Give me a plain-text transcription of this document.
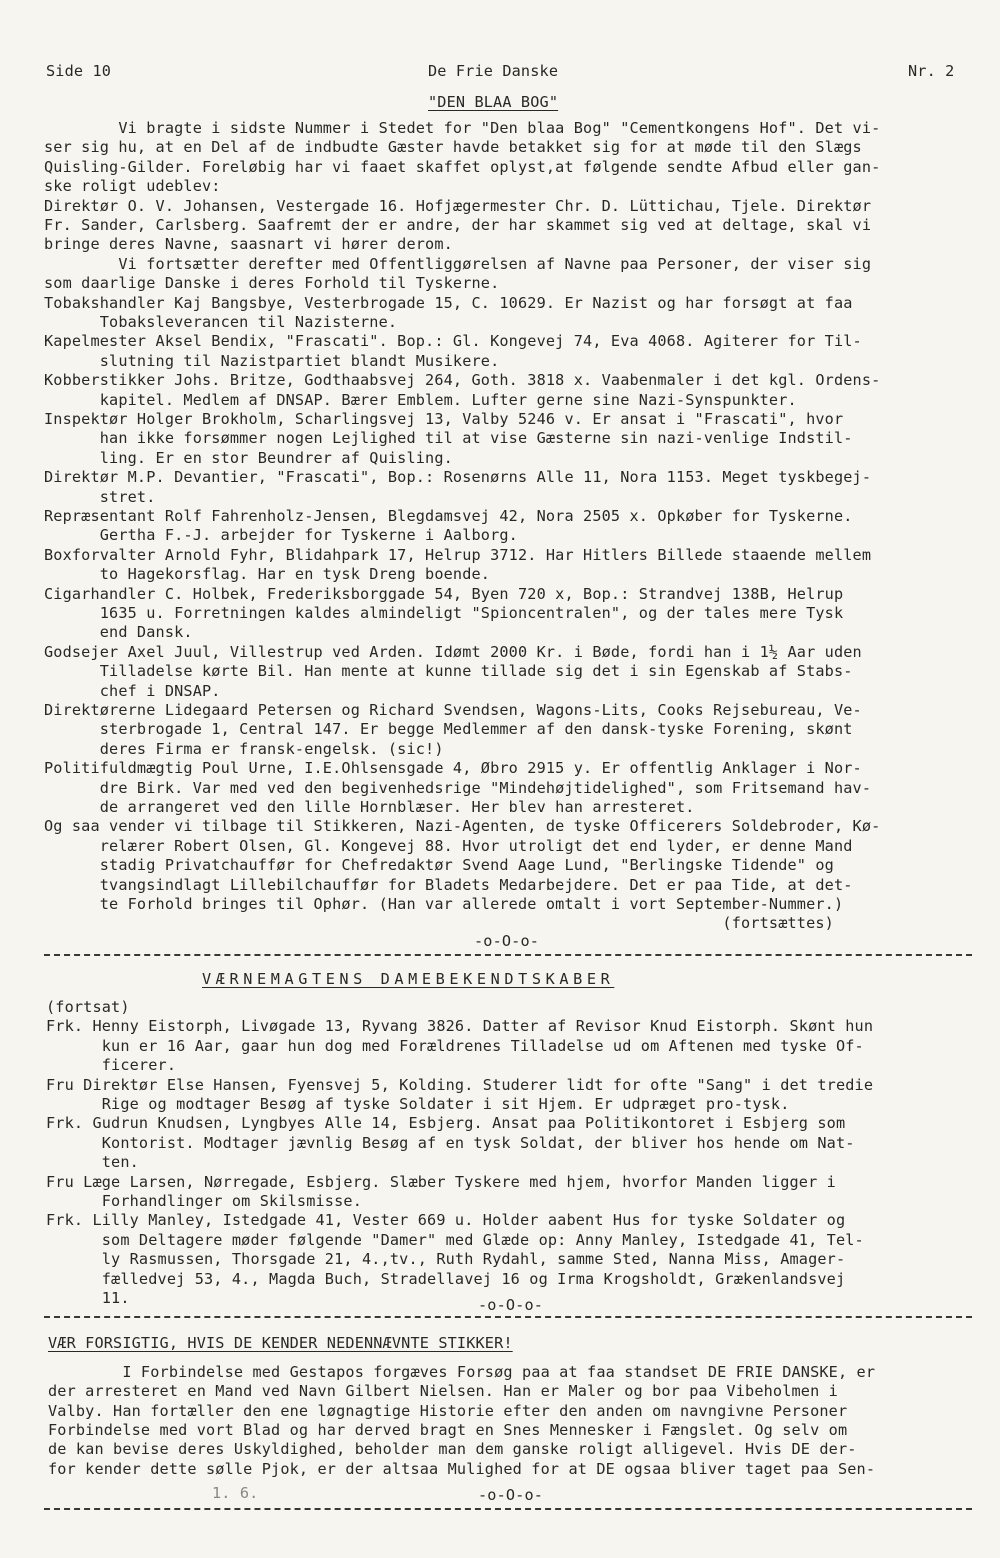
Side 10	De Frie Danske	Nr. 2
"DEN BLAA BOG"
Vi bragte i sidste Nummer i Stedet for "Den blaa Bog" "Cementkongens Hof". Det vi-
ser sig hu, at en Del af de indbudte Gæster havde betakket sig for at møde til den Slægs
Quisling-Gilder. Foreløbig har vi faaet skaffet oplyst,at følgende sendte Afbud eller gan-
ske roligt udeblev:
Direktør O. V. Johansen, Vestergade 16. Hofjægermester Chr. D. Lüttichau, Tjele. Direktør
Fr. Sander, Carlsberg. Saafremt der er andre, der har skammet sig ved at deltage, skal vi
bringe deres Navne, saasnart vi hører derom.
Vi fortsætter derefter med Offentliggørelsen af Navne paa Personer, der viser sig
som daarlige Danske i deres Forhold til Tyskerne.
Tobakshandler Kaj Bangsbye, Vesterbrogade 15, C. 10629. Er Nazist og har forsøgt at faa
Tobaksleverancen til Nazisterne.
Kapelmester Aksel Bendix, "Frascati". Bop.: Gl. Kongevej 74, Eva 4068. Agiterer for Til-
slutning til Nazistpartiet blandt Musikere.
Kobberstikker Johs. Britze, Godthaabsvej 264, Goth. 3818 x. Vaabenmaler i det kgl. Ordens-
kapitel. Medlem af DNSAP. Bærer Emblem. Lufter gerne sine Nazi-Synspunkter.
Inspektør Holger Brokholm, Scharlingsvej 13, Valby 5246 v. Er ansat i "Frascati", hvor
han ikke forsømmer nogen Lejlighed til at vise Gæsterne sin nazi-venlige Indstil-
ling. Er en stor Beundrer af Quisling.
Direktør M.P. Devantier, "Frascati", Bop.: Rosenørns Alle 11, Nora 1153. Meget tyskbegej-
stret.
Repræsentant Rolf Fahrenholz-Jensen, Blegdamsvej 42, Nora 2505 x. Opkøber for Tyskerne.
Gertha F.-J. arbejder for Tyskerne i Aalborg.
Boxforvalter Arnold Fyhr, Blidahpark 17, Helrup 3712. Har Hitlers Billede staaende mellem
to Hagekorsflag. Har en tysk Dreng boende.
Cigarhandler C. Holbek, Frederiksborggade 54, Byen 720 x, Bop.: Strandvej 138B, Helrup
1635 u. Forretningen kaldes almindeligt "Spioncentralen", og der tales mere Tysk
end Dansk.
Godsejer Axel Juul, Villestrup ved Arden. Idømt 2000 Kr. i Bøde, fordi han i 1½ Aar uden
Tilladelse kørte Bil. Han mente at kunne tillade sig det i sin Egenskab af Stabs-
chef i DNSAP.
Direktørerne Lidegaard Petersen og Richard Svendsen, Wagons-Lits, Cooks Rejsebureau, Ve-
sterbrogade 1, Central 147. Er begge Medlemmer af den dansk-tyske Forening, skønt
deres Firma er fransk-engelsk. (sic!)
Politifuldmægtig Poul Urne, I.E.Ohlsensgade 4, Øbro 2915 y. Er offentlig Anklager i Nor-
dre Birk. Var med ved den begivenhedsrige "Mindehøjtidelighed", som Fritsemand hav-
de arrangeret ved den lille Hornblæser. Her blev han arresteret.
Og saa vender vi tilbage til Stikkeren, Nazi-Agenten, de tyske Officerers Soldebroder, Kø-
relærer Robert Olsen, Gl. Kongevej 88. Hvor utroligt det end lyder, er denne Mand
stadig Privatchauffør for Chefredaktør Svend Aage Lund, "Berlingske Tidende" og
tvangsindlagt Lillebilchauffør for Bladets Medarbejdere. Det er paa Tide, at det-
te Forhold bringes til Ophør. (Han var allerede omtalt i vort September-Nummer.)
(fortsættes)
-o-O-o-
VÆRNEMAGTENS DAMEBEKENDTSKABER
(fortsat)
Frk. Henny Eistorph, Livøgade 13, Ryvang 3826. Datter af Revisor Knud Eistorph. Skønt hun
kun er 16 Aar, gaar hun dog med Forældrenes Tilladelse ud om Aftenen med tyske Of-
ficerer.
Fru Direktør Else Hansen, Fyensvej 5, Kolding. Studerer lidt for ofte "Sang" i det tredie
Rige og modtager Besøg af tyske Soldater i sit Hjem. Er udpræget pro-tysk.
Frk. Gudrun Knudsen, Lyngbyes Alle 14, Esbjerg. Ansat paa Politikontoret i Esbjerg som
Kontorist. Modtager jævnlig Besøg af en tysk Soldat, der bliver hos hende om Nat-
ten.
Fru Læge Larsen, Nørregade, Esbjerg. Slæber Tyskere med hjem, hvorfor Manden ligger i
Forhandlinger om Skilsmisse.
Frk. Lilly Manley, Istedgade 41, Vester 669 u. Holder aabent Hus for tyske Soldater og
som Deltagere møder følgende "Damer" med Glæde op: Anny Manley, Istedgade 41, Tel-
ly Rasmussen, Thorsgade 21, 4.,tv., Ruth Rydahl, samme Sted, Nanna Miss, Amager-
fælledvej 53, 4., Magda Buch, Stradellavej 16 og Irma Krogsholdt, Grækenlandsvej
11.	-o-O-o-
VÆR FORSIGTIG, HVIS DE KENDER NEDENNÆVNTE STIKKER!
I Forbindelse med Gestapos forgæves Forsøg paa at faa standset DE FRIE DANSKE, er
der arresteret en Mand ved Navn Gilbert Nielsen. Han er Maler og bor paa Vibeholmen i
Valby. Han fortæller den ene løgnagtige Historie efter den anden om navngivne Personer
Forbindelse med vort Blad og har derved bragt en Snes Mennesker i Fængslet. Og selv om
de kan bevise deres Uskyldighed, beholder man dem ganske roligt alligevel. Hvis DE der-
for kender dette sølle Pjok, er der altsaa Mulighed for at DE ogsaa bliver taget paa Sen-
1. 6.	-o-O-o-
